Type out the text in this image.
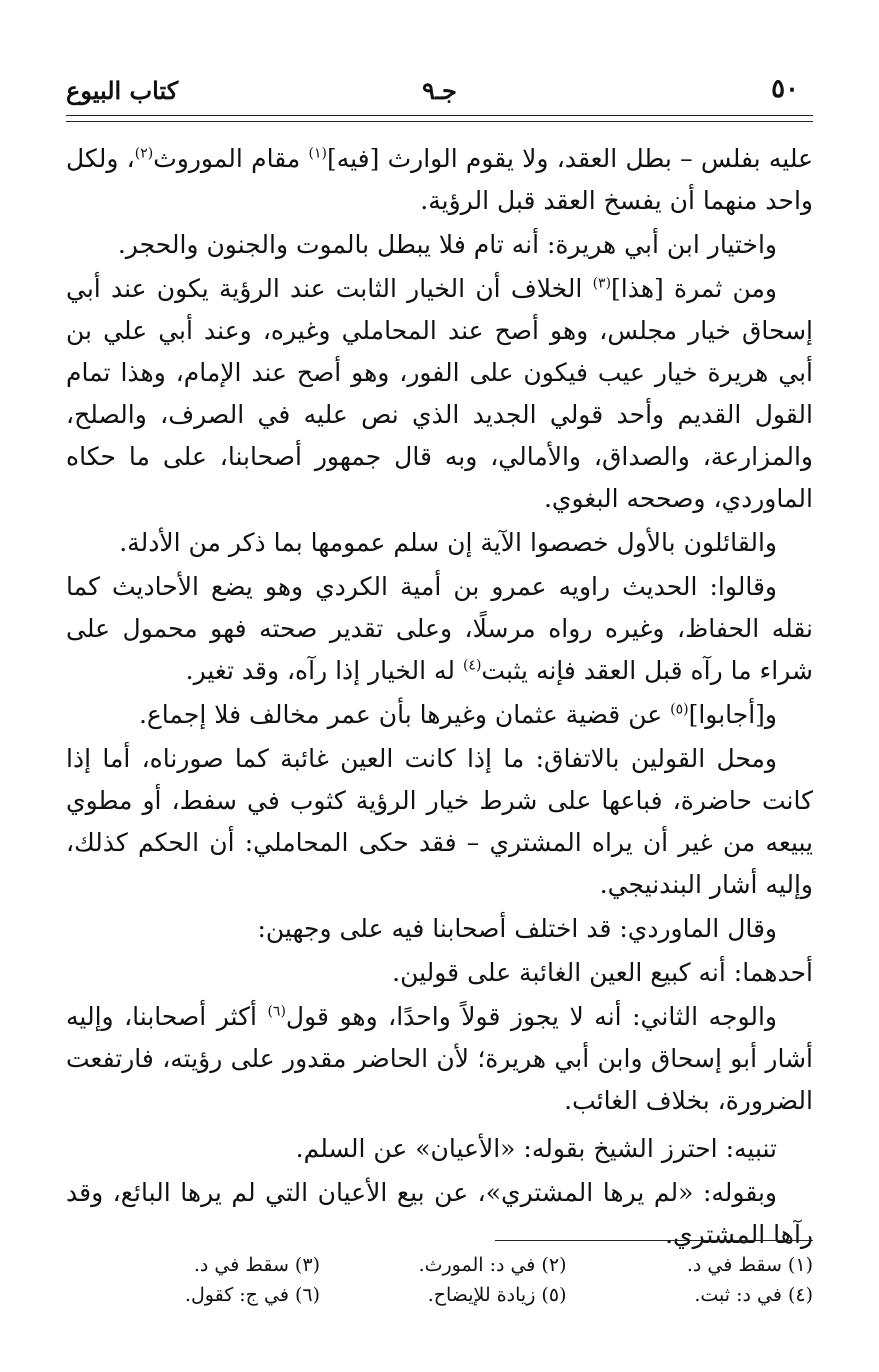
٥٠
جـ٩
كتاب البيوع

عليه بفلس – بطل العقد، ولا يقوم الوارث [فيه]$^{(١)}$ مقام الموروث$^{(٢)}$، ولكل واحد منهما أن يفسخ العقد قبل الرؤية.

واختيار ابن أبي هريرة: أنه تام فلا يبطل بالموت والجنون والحجر.

ومن ثمرة [هذا]$^{(٣)}$ الخلاف أن الخيار الثابت عند الرؤية يكون عند أبي إسحاق خيار مجلس، وهو أصح عند المحاملي وغيره، وعند أبي علي بن أبي هريرة خيار عيب فيكون على الفور، وهو أصح عند الإمام، وهذا تمام القول القديم وأحد قولي الجديد الذي نص عليه في الصرف، والصلح، والمزارعة، والصداق، والأمالي، وبه قال جمهور أصحابنا، على ما حكاه الماوردي، وصححه البغوي.

والقائلون بالأول خصصوا الآية إن سلم عمومها بما ذكر من الأدلة.

وقالوا: الحديث راويه عمرو بن أمية الكردي وهو يضع الأحاديث كما نقله الحفاظ، وغيره رواه مرسلًا، وعلى تقدير صحته فهو محمول على شراء ما رآه قبل العقد فإنه يثبت$^{(٤)}$ له الخيار إذا رآه، وقد تغير.

و[أجابوا]$^{(٥)}$ عن قضية عثمان وغيرها بأن عمر مخالف فلا إجماع.

ومحل القولين بالاتفاق: ما إذا كانت العين غائبة كما صورناه، أما إذا كانت حاضرة، فباعها على شرط خيار الرؤية كثوب في سفط، أو مطوي يبيعه من غير أن يراه المشتري – فقد حكى المحاملي: أن الحكم كذلك، وإليه أشار البندنيجي.

وقال الماوردي: قد اختلف أصحابنا فيه على وجهين:

أحدهما: أنه كبيع العين الغائبة على قولين.

والوجه الثاني: أنه لا يجوز قولاً واحدًا، وهو قول$^{(٦)}$ أكثر أصحابنا، وإليه أشار أبو إسحاق وابن أبي هريرة؛ لأن الحاضر مقدور على رؤيته، فارتفعت الضرورة، بخلاف الغائب.

تنبيه: احترز الشيخ بقوله: «الأعيان» عن السلم.

وبقوله: «لم يرها المشتري»، عن بيع الأعيان التي لم يرها البائع، وقد رآها المشتري.

(١) سقط في د.
(٢) في د: المورث.
(٣) سقط في د.
(٤) في د: ثبت.
(٥) زيادة للإيضاح.
(٦) في ج: كقول.
